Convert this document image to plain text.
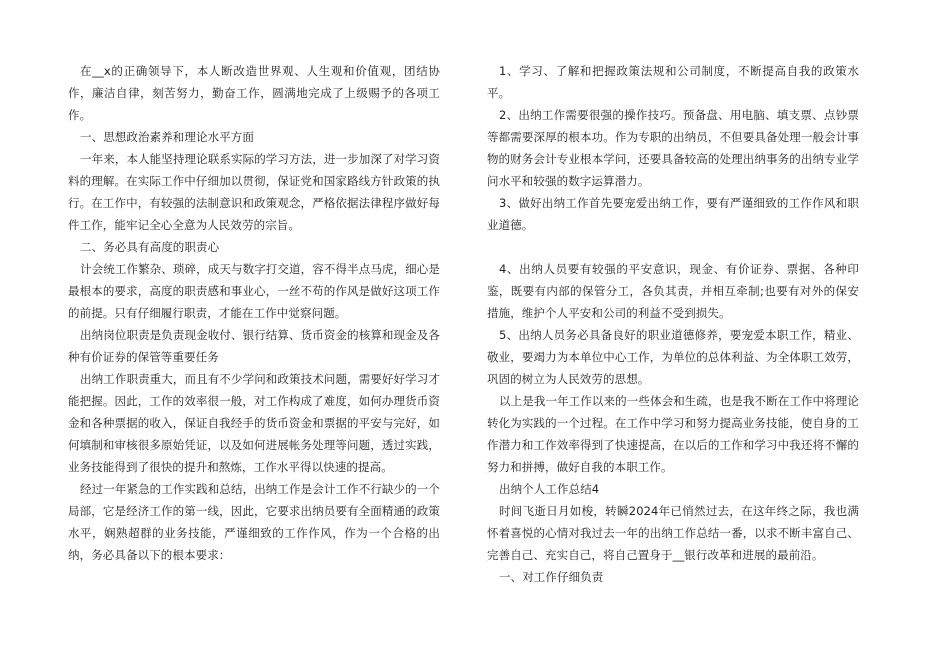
在__x的正确领导下，本人断改造世界观、人生观和价值观，团结协作，廉洁自律，刻苦努力，勤奋工作，圆满地完成了上级赐予的各项工作。

一、思想政治素养和理论水平方面

一年来，本人能坚持理论联系实际的学习方法，进一步加深了对学习资料的理解。在实际工作中仔细加以贯彻，保证党和国家路线方针政策的执行。在工作中，有较强的法制意识和政策观念，严格依据法律程序做好每件工作，能牢记全心全意为人民效劳的宗旨。

二、务必具有高度的职责心

计会统工作繁杂、琐碎，成天与数字打交道，容不得半点马虎，细心是最根本的要求，高度的职责感和事业心，一丝不苟的作风是做好这项工作的前提。只有仔细履行职责，才能在工作中觉察问题。

出纳岗位职责是负责现金收付、银行结算、货币资金的核算和现金及各种有价证券的保管等重要任务

出纳工作职责重大，而且有不少学问和政策技术问题，需要好好学习才能把握。因此，工作的效率很一般，对工作构成了难度，如何办理货币资金和各种票据的收入，保证自我经手的货币资金和票据的平安与完好，如何填制和审核很多原始凭证，以及如何进展帐务处理等问题，透过实践，业务技能得到了很快的提升和熬炼，工作水平得以快速的提高。

经过一年紧急的工作实践和总结，出纳工作是会计工作不行缺少的一个局部，它是经济工作的第一线，因此，它要求出纳员要有全面精通的政策水平，娴熟超群的业务技能，严谨细致的工作作风，作为一个合格的出纳，务必具备以下的根本要求：

1、学习、了解和把握政策法规和公司制度，不断提高自我的政策水平。

2、出纳工作需要很强的操作技巧。预备盘、用电脑、填支票、点钞票等都需要深厚的根本功。作为专职的出纳员，不但要具备处理一般会计事物的财务会计专业根本学问，还要具备较高的处理出纳事务的出纳专业学问水平和较强的数字运算潜力。

3、做好出纳工作首先要宠爱出纳工作，要有严谨细致的工作作风和职业道德。

4、出纳人员要有较强的平安意识，现金、有价证券、票据、各种印鉴，既要有内部的保管分工，各负其责，并相互牵制;也要有对外的保安措施，维护个人平安和公司的利益不受到损失。

5、出纳人员务必具备良好的职业道德修养，要宠爱本职工作，精业、敬业，要竭力为本单位中心工作，为单位的总体利益、为全体职工效劳，巩固的树立为人民效劳的思想。

以上是我一年工作以来的一些体会和生疏，也是我不断在工作中将理论转化为实践的一个过程。在工作中学习和努力提高业务技能，使自身的工作潜力和工作效率得到了快速提高，在以后的工作和学习中我还将不懈的努力和拼搏，做好自我的本职工作。

出纳个人工作总结4

时间飞逝日月如梭，转瞬2024年已悄然过去，在这年终之际，我也满怀着喜悦的心情对我过去一年的出纳工作总结一番，以求不断丰富自己、完善自己、充实自己，将自己置身于__银行改革和进展的最前沿。

一、对工作仔细负责
